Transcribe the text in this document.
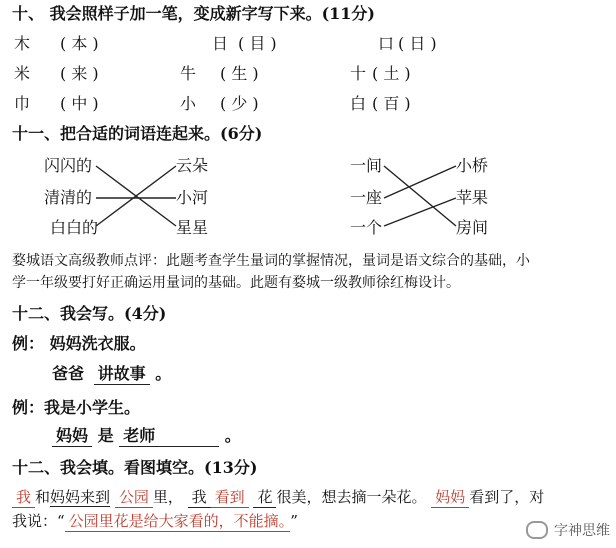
十、 我会照样子加一笔，变成新字写下来。(11分)
木 ( 本 )	日 ( 目 )	口 ( 日 )
米 ( 来 )	牛 ( 生 )	十 ( 土 )
巾 ( 中 )	小 ( 少 )	白 ( 百 )
十一、把合适的词语连起来。(6分)
闪闪的
清清的
白白的
云朵
小河
星星
一间
一座
一个
小桥
苹果
房间
婺城语文高级教师点评：此题考查学生量词的掌握情况，量词是语文综合的基础，小
学一年级要打好正确运用量词的基础。此题有婺城一级教师徐红梅设计。
十二、我会写。(4分)
例： 妈妈洗衣服。
爸爸 讲故事 。
例：我是小学生。
妈妈 是 老师	。
十二、我会填。看图填空。(13分)
我 和妈妈来到 公园 里， 我 看到 花 很美，想去摘一朵花。 妈妈 看到了，对
我说：“ 公园里花是给大家看的，不能摘。 ”
字神思维
